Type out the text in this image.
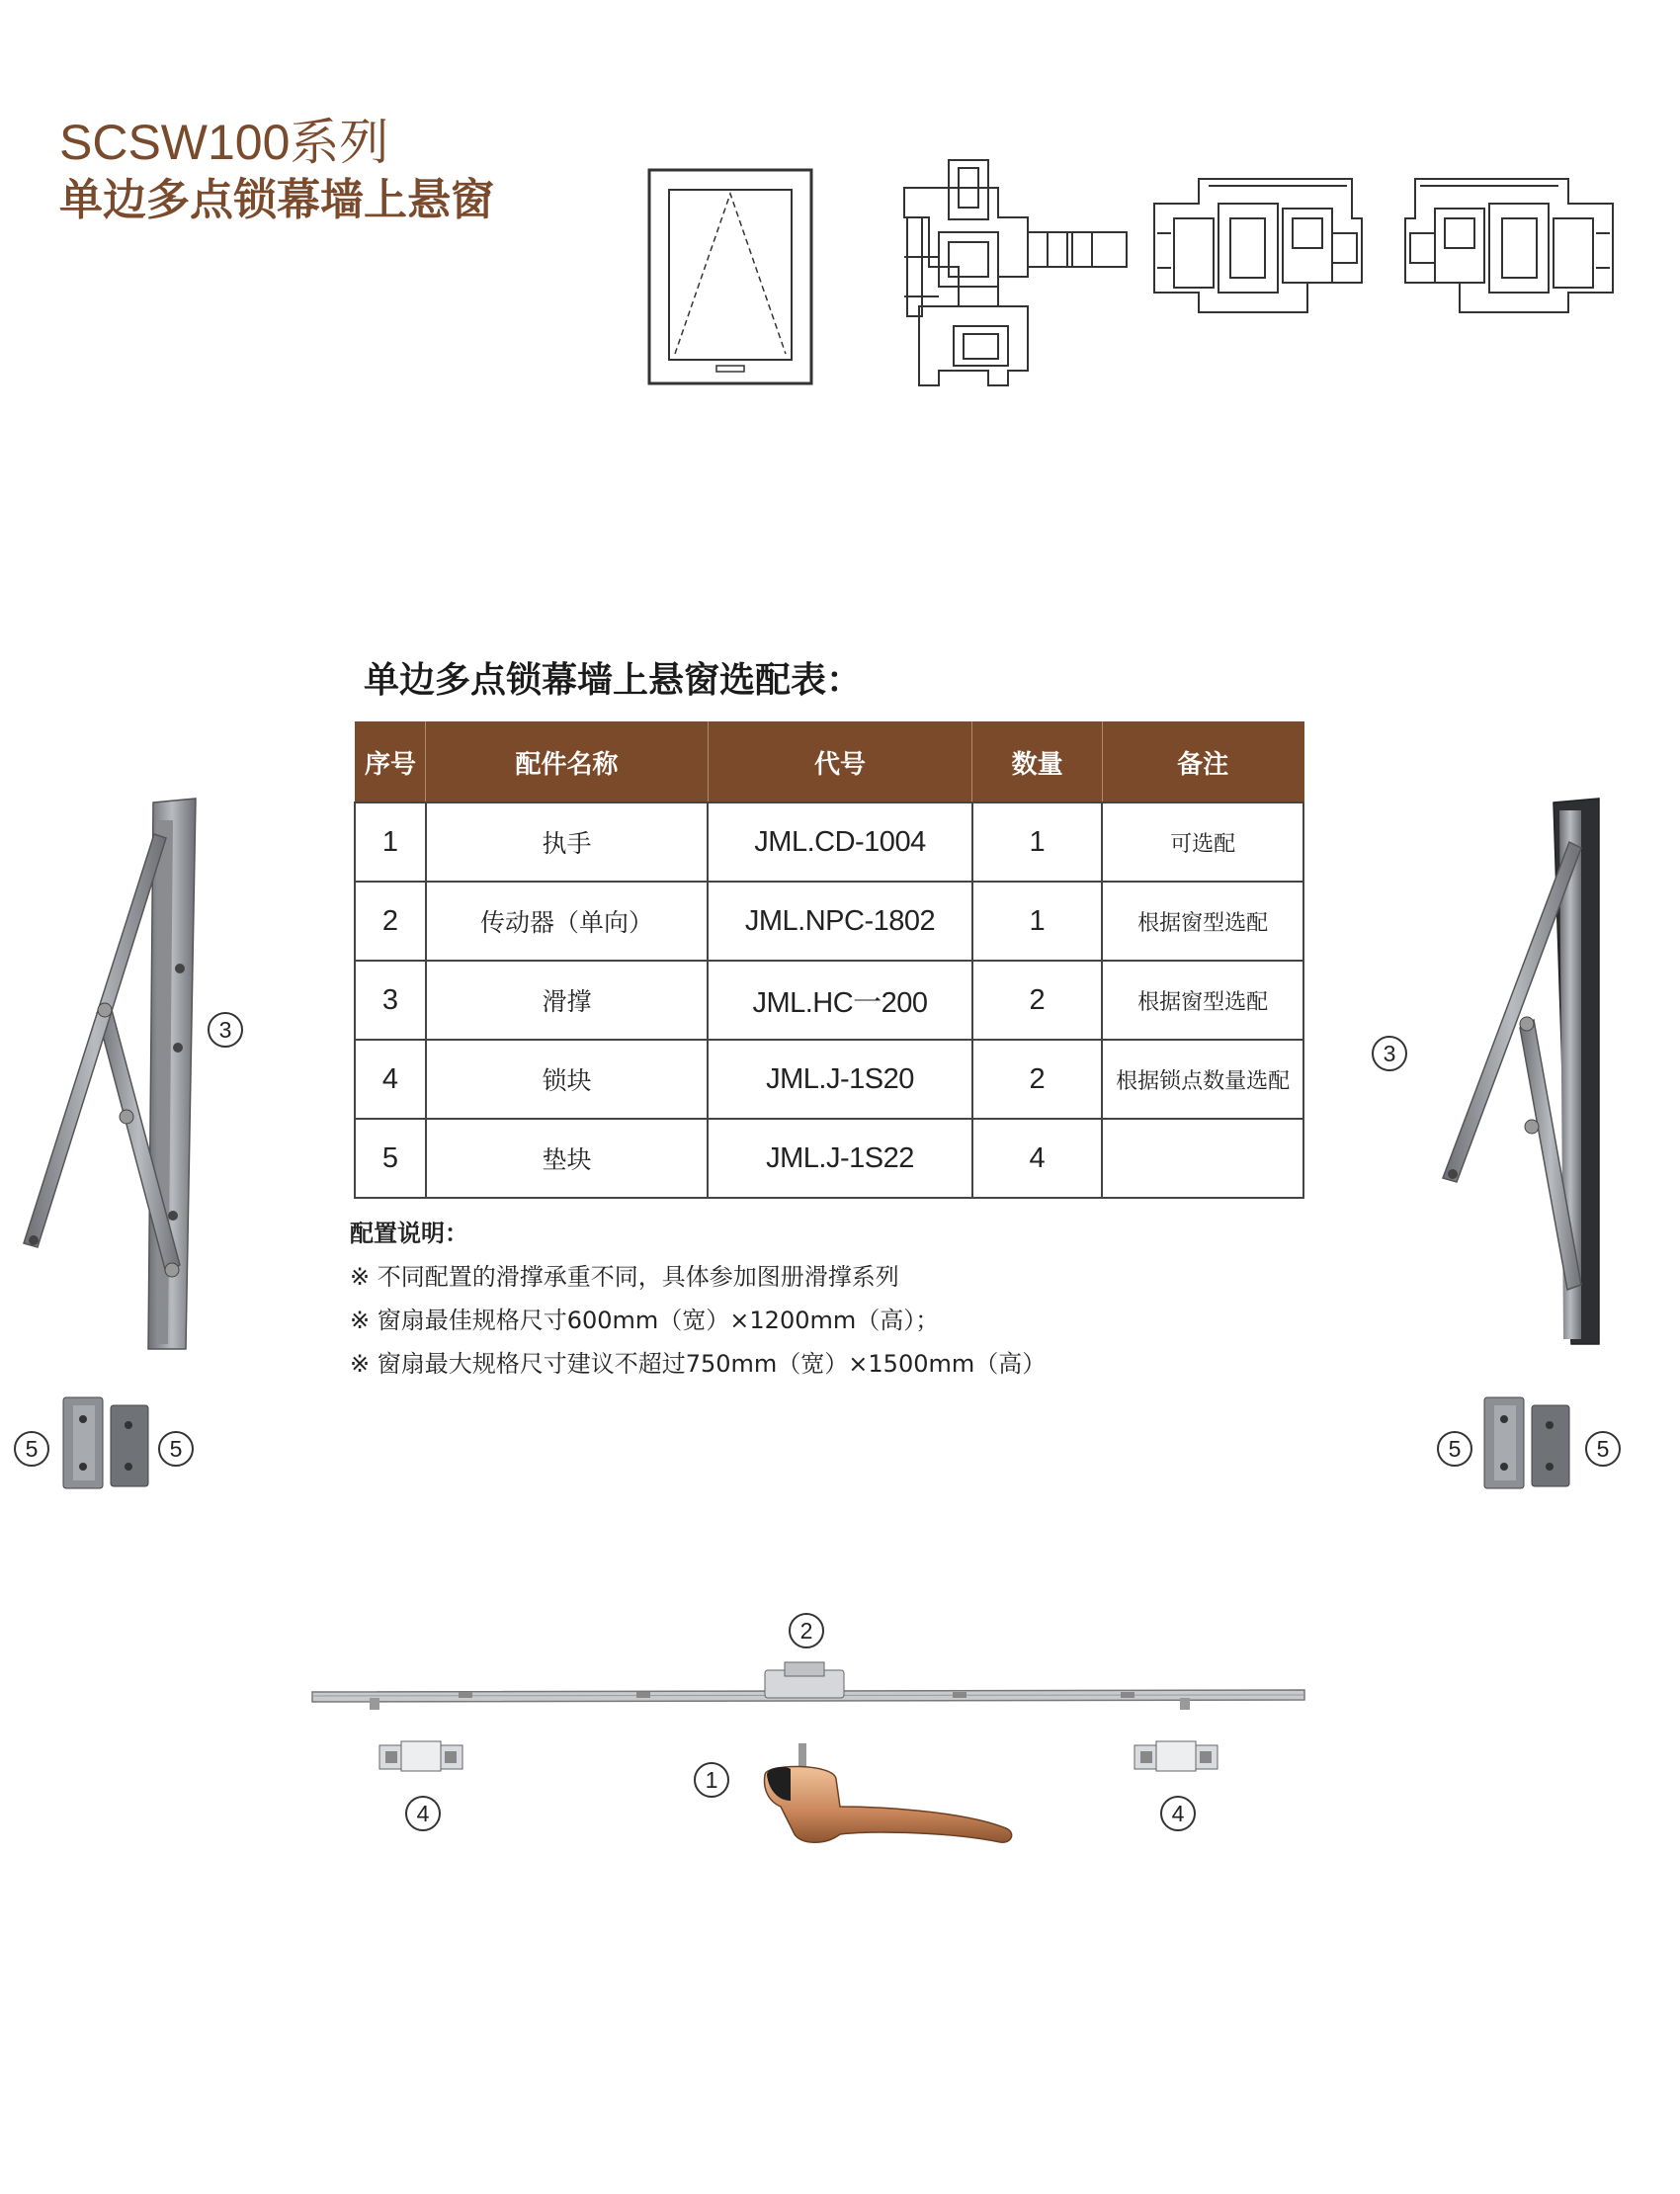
SCSW100系列
单边多点锁幕墙上悬窗
单边多点锁幕墙上悬窗选配表：
序号	配件名称	代号	数量	备注
1	执手	JML.CD-1004	1	可选配
2	传动器（单向）	JML.NPC-1802	1	根据窗型选配
3	滑撑	JML.HC一200	2	根据窗型选配
4	锁块	JML.J-1S20	2	根据锁点数量选配
5	垫块	JML.J-1S22	4	
配置说明：
※ 不同配置的滑撑承重不同，具体参加图册滑撑系列
※ 窗扇最佳规格尺寸600mm（宽）×1200mm（高）；
※ 窗扇最大规格尺寸建议不超过750mm（宽）×1500mm（高）
3
3
5	5	5	5
2
4	4
1
